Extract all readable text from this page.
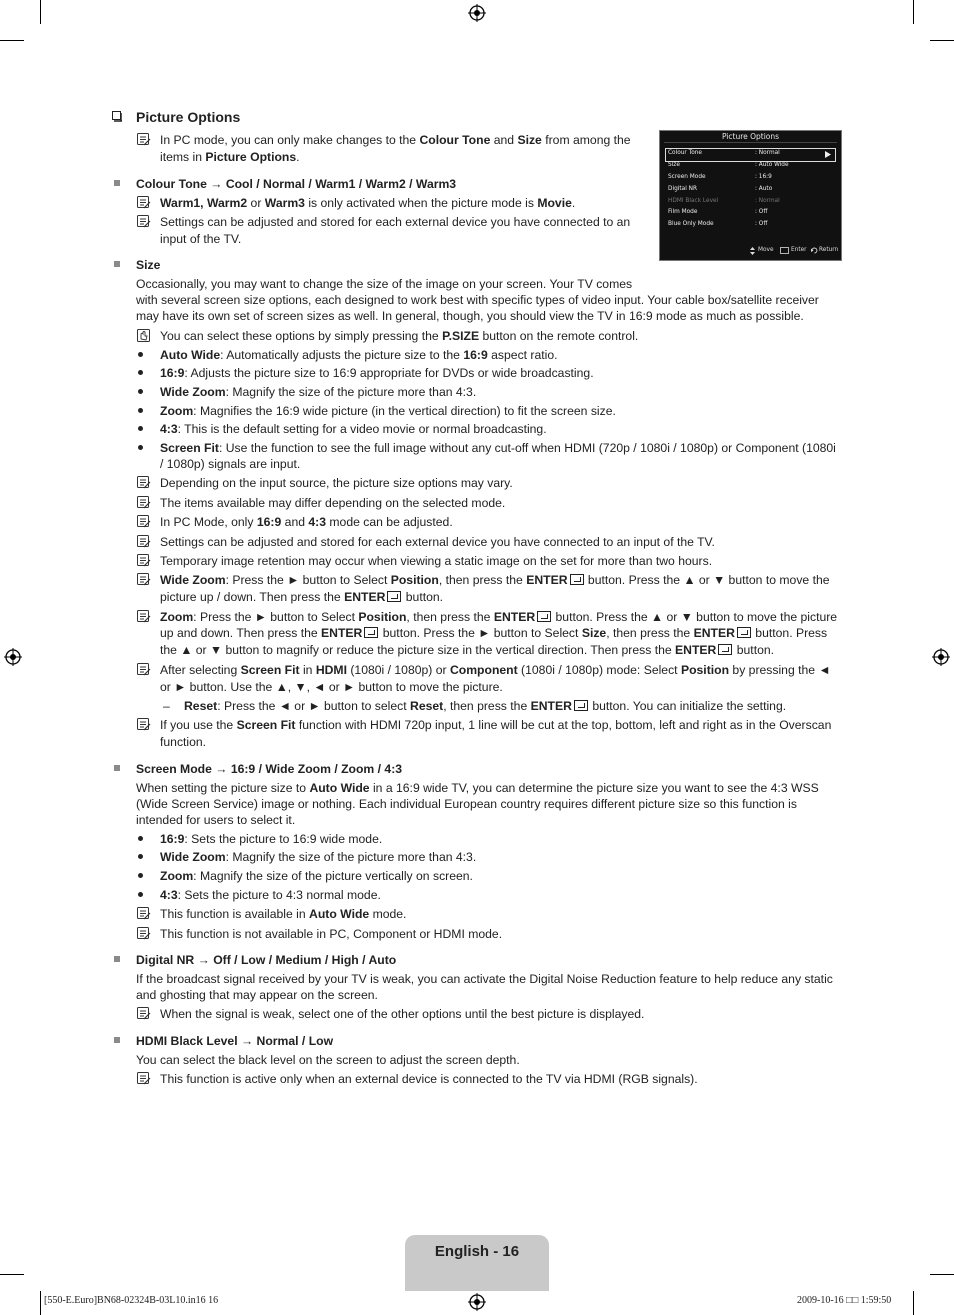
Picture Options
In PC mode, you can only make changes to the Colour Tone and Size from among the
items in Picture Options.
Picture Options
Colour Tone	: Normal
Size	: Auto Wide
Screen Mode	: 16:9
Digital NR	: Auto
HDMI Black Level	: Normal
Film Mode	: Off
Blue Only Mode	: Off
Move	Enter Return
Colour Tone → Cool / Normal / Warm1 / Warm2 / Warm3
Warm1, Warm2 or Warm3 is only activated when the picture mode is Movie.
Settings can be adjusted and stored for each external device you have connected to an
input of the TV.
Size
Occasionally, you may want to change the size of the image on your screen. Your TV comes
with several screen size options, each designed to work best with specific types of video input. Your cable box/satellite receiver
may have its own set of screen sizes as well. In general, though, you should view the TV in 16:9 mode as much as possible.
You can select these options by simply pressing the P.SIZE button on the remote control.
Auto Wide: Automatically adjusts the picture size to the 16:9 aspect ratio.
16:9: Adjusts the picture size to 16:9 appropriate for DVDs or wide broadcasting.
Wide Zoom: Magnify the size of the picture more than 4:3.
Zoom: Magnifies the 16:9 wide picture (in the vertical direction) to fit the screen size.
4:3: This is the default setting for a video movie or normal broadcasting.
Screen Fit: Use the function to see the full image without any cut-off when HDMI (720p / 1080i / 1080p) or Component (1080i
/ 1080p) signals are input.
Depending on the input source, the picture size options may vary.
The items available may differ depending on the selected mode.
In PC Mode, only 16:9 and 4:3 mode can be adjusted.
Settings can be adjusted and stored for each external device you have connected to an input of the TV.
Temporary image retention may occur when viewing a static image on the set for more than two hours.
Wide Zoom: Press the ► button to Select Position, then press the ENTER button. Press the ▲ or ▼ button to move the
picture up / down. Then press the ENTER button.
Zoom: Press the ► button to Select Position, then press the ENTER button. Press the ▲ or ▼ button to move the picture
up and down. Then press the ENTER button. Press the ► button to Select Size, then press the ENTER button. Press
the ▲ or ▼ button to magnify or reduce the picture size in the vertical direction. Then press the ENTER button.
After selecting Screen Fit in HDMI (1080i / 1080p) or Component (1080i / 1080p) mode: Select Position by pressing the ◄
or ► button. Use the ▲, ▼, ◄ or ► button to move the picture.
– Reset: Press the ◄ or ► button to select Reset, then press the ENTER button. You can initialize the setting.
If you use the Screen Fit function with HDMI 720p input, 1 line will be cut at the top, bottom, left and right as in the Overscan
function.
Screen Mode → 16:9 / Wide Zoom / Zoom / 4:3
When setting the picture size to Auto Wide in a 16:9 wide TV, you can determine the picture size you want to see the 4:3 WSS
(Wide Screen Service) image or nothing. Each individual European country requires different picture size so this function is
intended for users to select it.
16:9: Sets the picture to 16:9 wide mode.
Wide Zoom: Magnify the size of the picture more than 4:3.
Zoom: Magnify the size of the picture vertically on screen.
4:3: Sets the picture to 4:3 normal mode.
This function is available in Auto Wide mode.
This function is not available in PC, Component or HDMI mode.
Digital NR → Off / Low / Medium / High / Auto
If the broadcast signal received by your TV is weak, you can activate the Digital Noise Reduction feature to help reduce any static
and ghosting that may appear on the screen.
When the signal is weak, select one of the other options until the best picture is displayed.
HDMI Black Level → Normal / Low
You can select the black level on the screen to adjust the screen depth.
This function is active only when an external device is connected to the TV via HDMI (RGB signals).
English - 16
[550-E.Euro]BN68-02324B-03L10.in16 16	2009-10-16 □□ 1:59:50
